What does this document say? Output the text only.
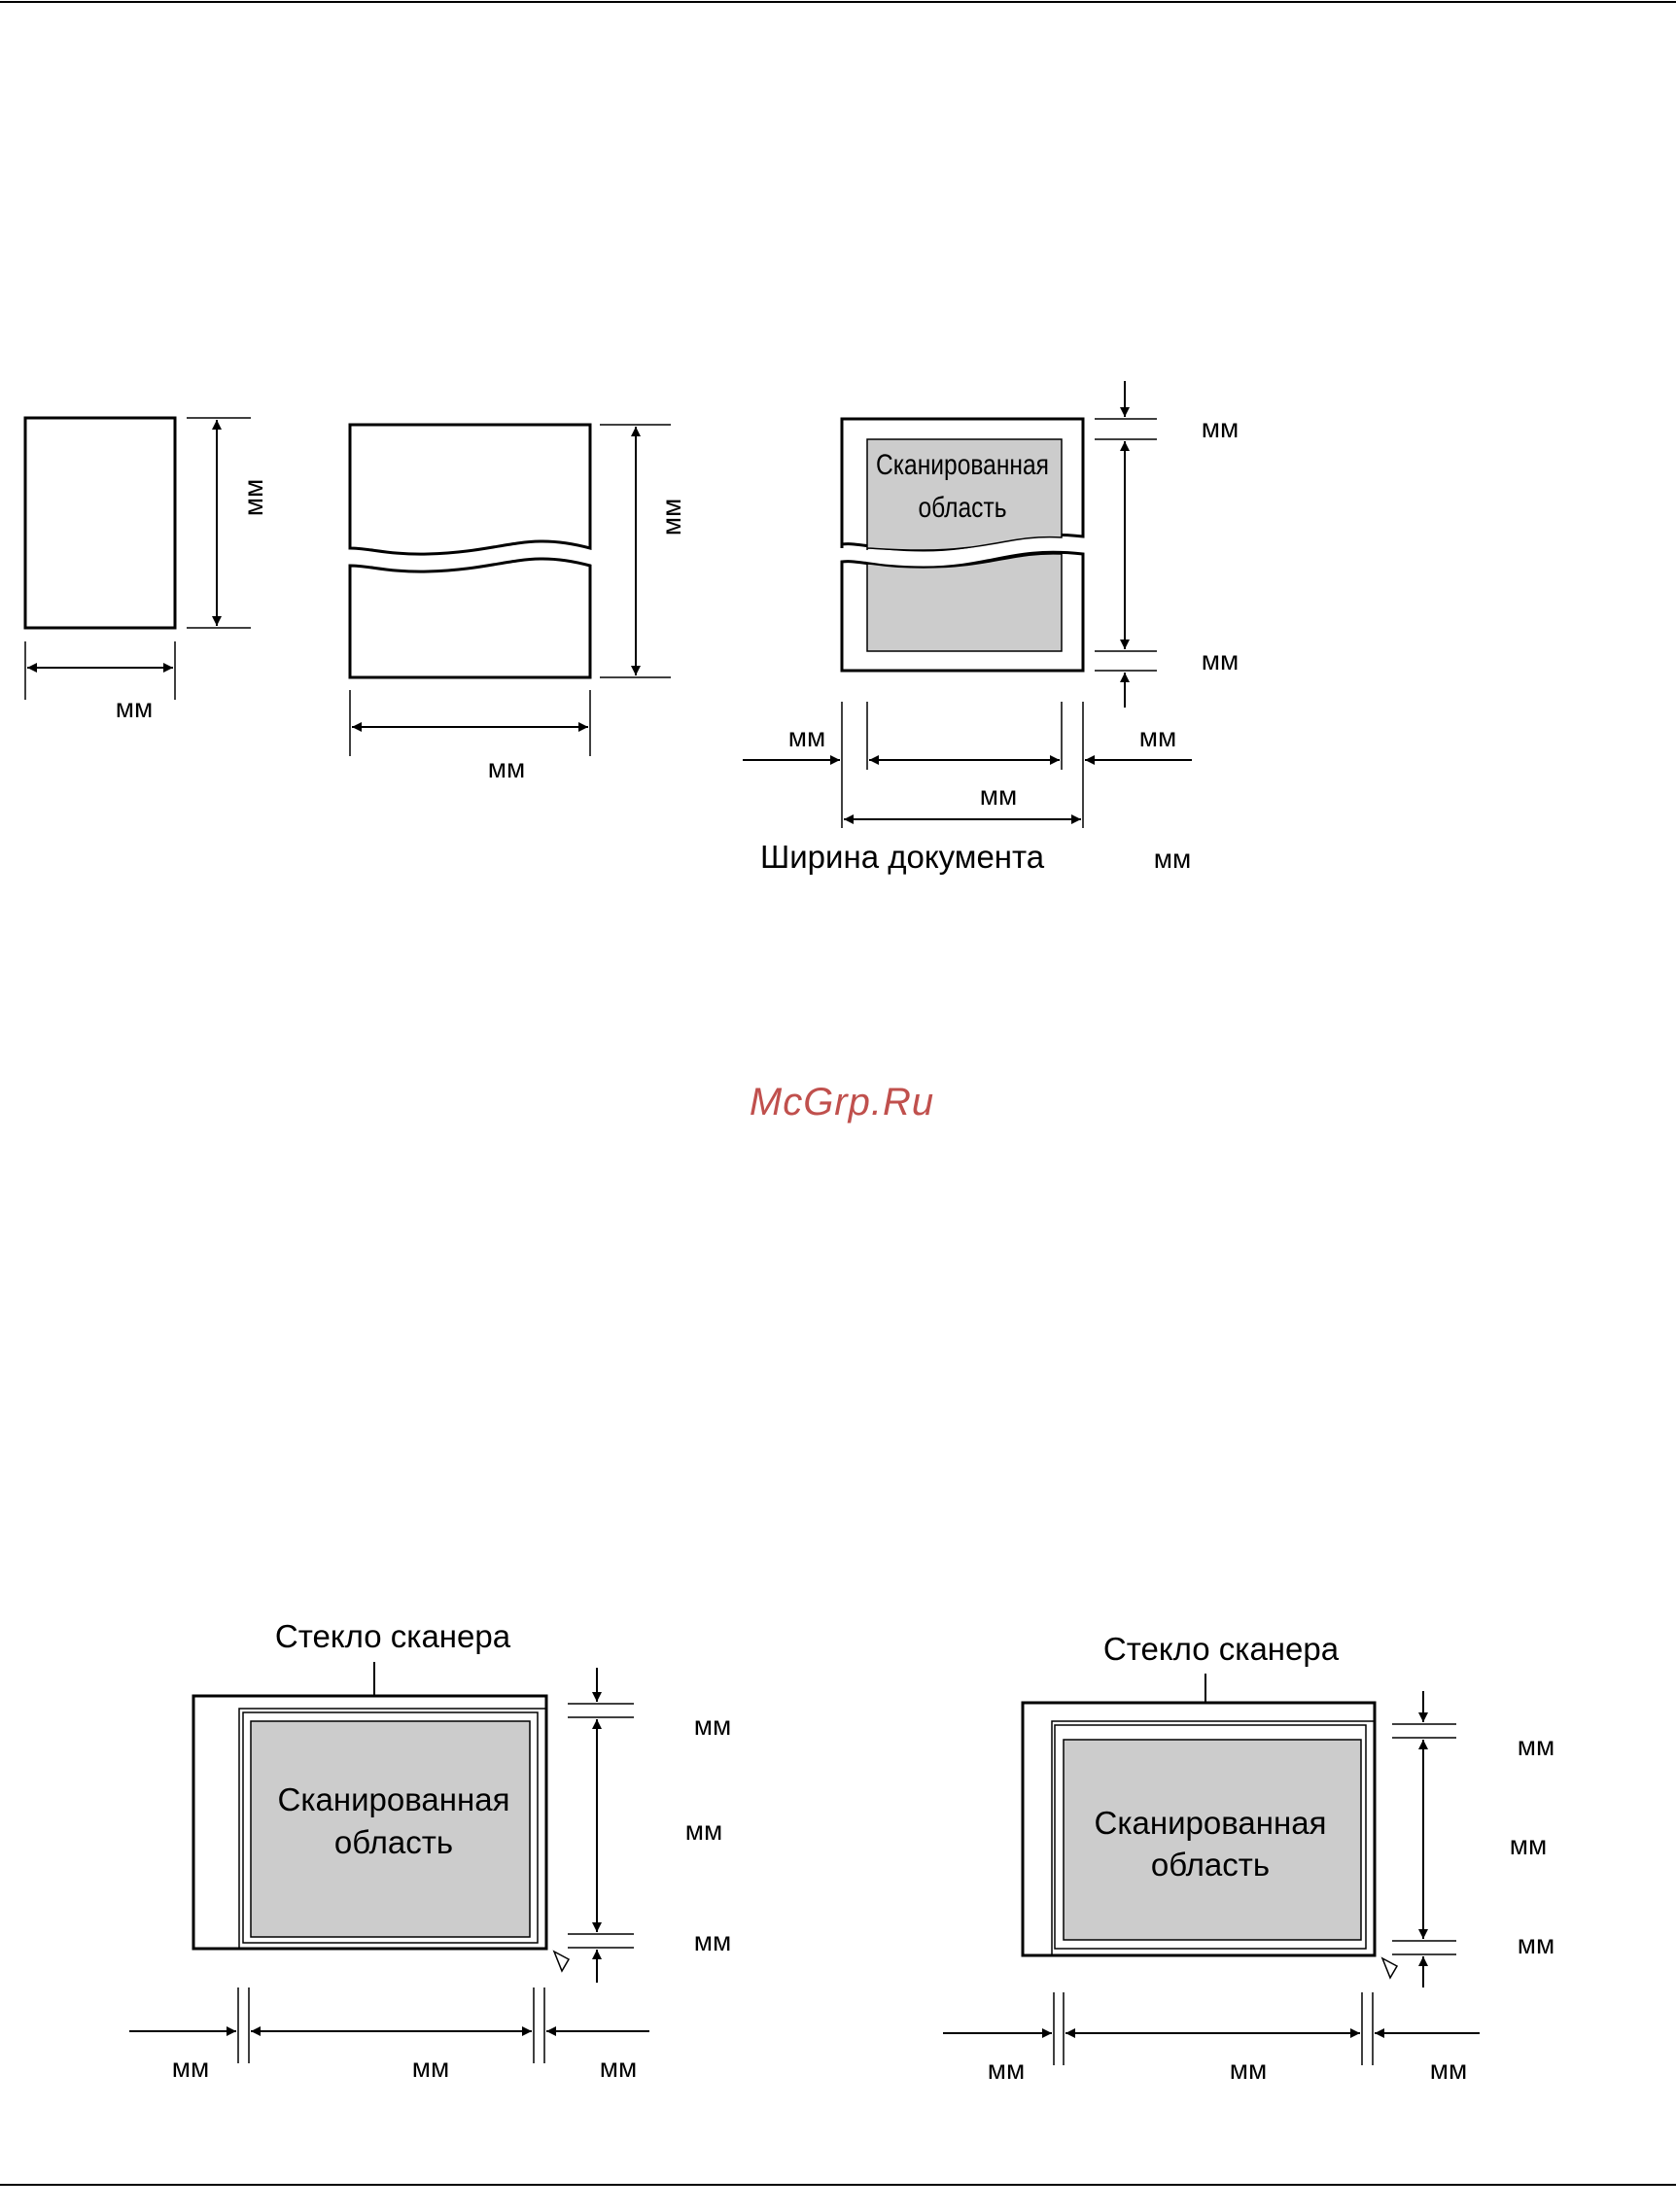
мм
мм
мм
мм
Сканированная
область
мм
мм
мм
мм
мм
Ширина документа	мм
McGrp.Ru
Стекло сканера
Сканированная
область
мм
мм
мм
мм	мм	мм
Стекло сканера
Сканированная
область
мм
мм
мм
мм	мм	мм
